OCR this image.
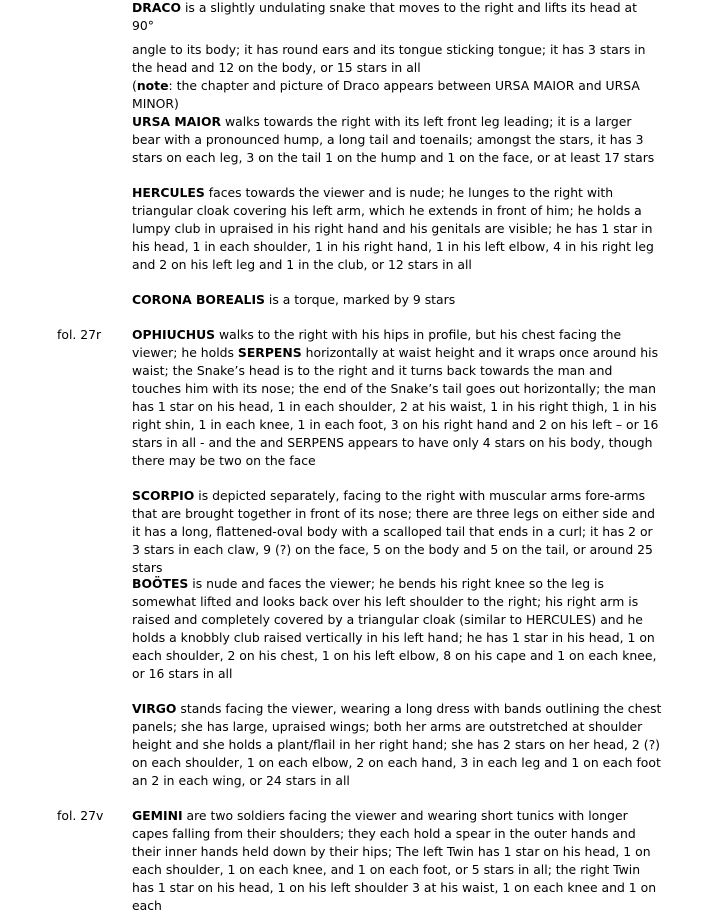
DRACO is a slightly undulating snake that moves to the right and lifts its head at 90°
angle to its body; it has round ears and its tongue sticking tongue; it has 3 stars in the head and 12 on the body, or 15 stars in all
(note: the chapter and picture of Draco appears between URSA MAIOR and URSA MINOR)

URSA MAIOR walks towards the right with its left front leg leading; it is a larger bear with a pronounced hump, a long tail and toenails; amongst the stars, it has 3 stars on each leg, 3 on the tail 1 on the hump and 1 on the face, or at least 17 stars

HERCULES faces towards the viewer and is nude; he lunges to the right with triangular cloak covering his left arm, which he extends in front of him; he holds a lumpy club in upraised in his right hand and his genitals are visible; he has 1 star in his head, 1 in each shoulder, 1 in his right hand, 1 in his left elbow, 4 in his right leg and 2 on his left leg and 1 in the club, or 12 stars in all

CORONA BOREALIS is a torque, marked by 9 stars

fol. 27r OPHIUCHUS walks to the right with his hips in profile, but his chest facing the viewer; he holds SERPENS horizontally at waist height and it wraps once around his waist; the Snake’s head is to the right and it turns back towards the man and touches him with its nose; the end of the Snake’s tail goes out horizontally; the man has 1 star on his head, 1 in each shoulder, 2 at his waist, 1 in his right thigh, 1 in his right shin, 1 in each knee, 1 in each foot, 3 on his right hand and 2 on his left – or 16 stars in all - and the and SERPENS appears to have only 4 stars on his body, though there may be two on the face

SCORPIO is depicted separately, facing to the right with muscular arms fore-arms that are brought together in front of its nose; there are three legs on either side and it has a long, flattened-oval body with a scalloped tail that ends in a curl; it has 2 or 3 stars in each claw, 9 (?) on the face, 5 on the body and 5 on the tail, or around 25 stars

BOÖTES is nude and faces the viewer; he bends his right knee so the leg is somewhat lifted and looks back over his left shoulder to the right; his right arm is raised and completely covered by a triangular cloak (similar to HERCULES) and he holds a knobbly club raised vertically in his left hand; he has 1 star in his head, 1 on each shoulder, 2 on his chest, 1 on his left elbow, 8 on his cape and 1 on each knee, or 16 stars in all

VIRGO stands facing the viewer, wearing a long dress with bands outlining the chest panels; she has large, upraised wings; both her arms are outstretched at shoulder height and she holds a plant/flail in her right hand; she has 2 stars on her head, 2 (?) on each shoulder, 1 on each elbow, 2 on each hand, 3 in each leg and 1 on each foot an 2 in each wing, or 24 stars in all

fol. 27v GEMINI are two soldiers facing the viewer and wearing short tunics with longer capes falling from their shoulders; they each hold a spear in the outer hands and their inner hands held down by their hips; The left Twin has 1 star on his head, 1 on each shoulder, 1 on each knee, and 1 on each foot, or 5 stars in all; the right Twin has 1 star on his head, 1 on his left shoulder 3 at his waist, 1 on each knee and 1 on each
